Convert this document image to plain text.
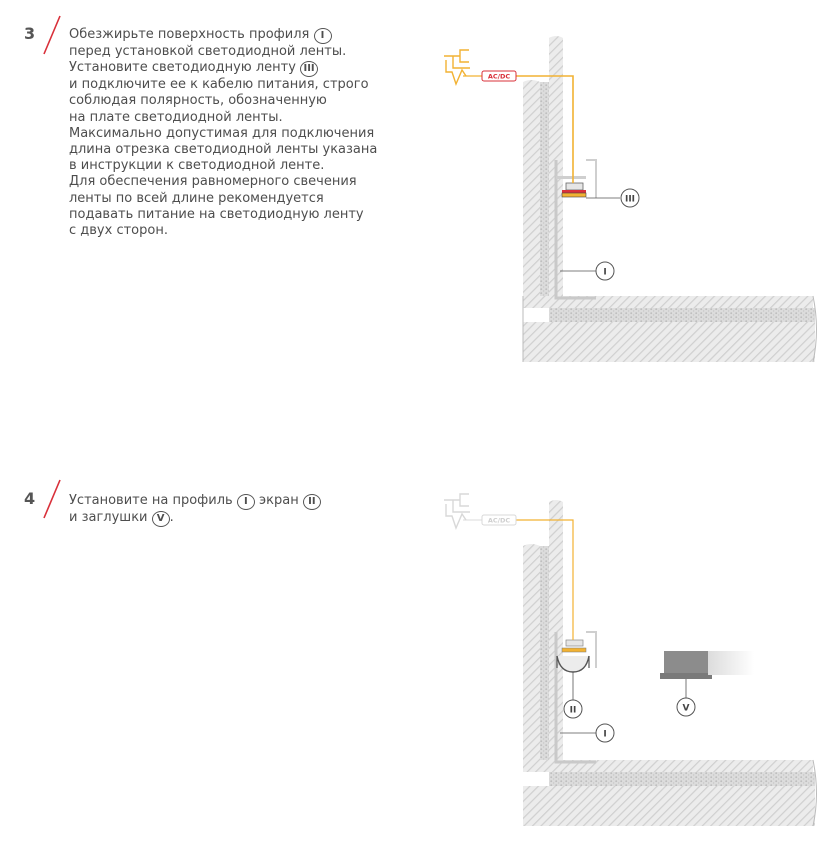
3	Обезжирьте поверхность профиля I
перед установкой светодиодной ленты.
Установите светодиодную ленту III
и подключите ее к кабелю питания, строго
соблюдая полярность, обозначенную
на плате светодиодной ленты.
Максимально допустимая для подключения
длина отрезка светодиодной ленты указана
в инструкции к светодиодной ленте.
Для обеспечения равномерного свечения
ленты по всей длине рекомендуется
подавать питание на светодиодную ленту
с двух сторон.
AC/DC
III
I
4	Установите на профиль I экран II
и заглушки V .	AC/DC
II	V
I
